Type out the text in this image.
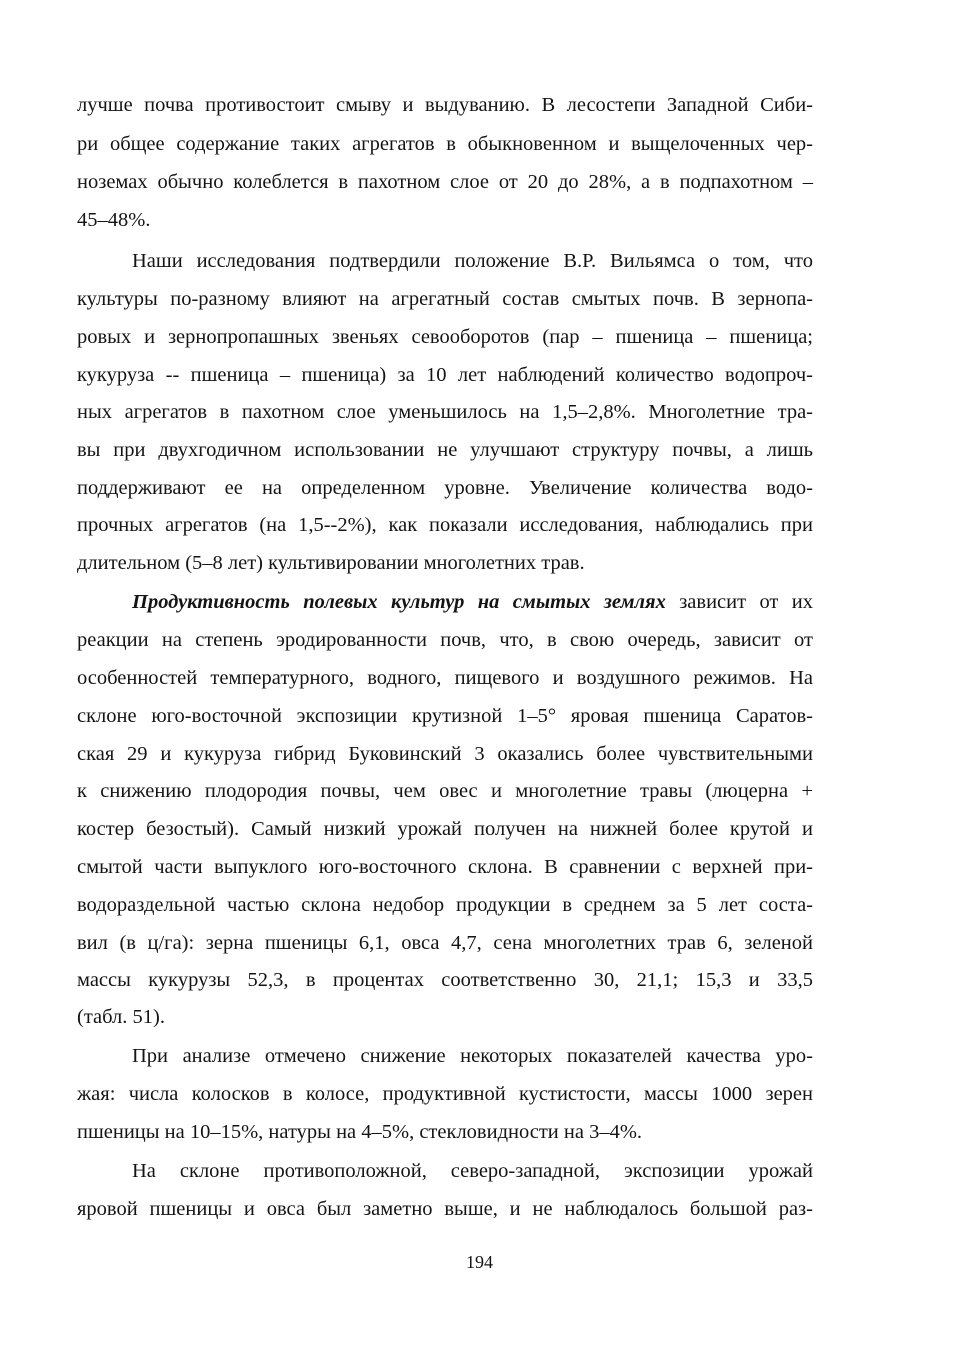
лучше почва противостоит смыву и выдуванию. В лесостепи Западной Сиби-

ри общее содержание таких агрегатов в обыкновенном и выщелоченных чер-

ноземах обычно колеблется в пахотном слое от 20 до 28%, а в подпахотном –

45–48%.

Наши исследования подтвердили положение В.Р. Вильямса о том, что

культуры по-разному влияют на агрегатный состав смытых почв. В зернопа-

ровых и зернопропашных звеньях севооборотов (пар – пшеница – пшеница;

кукуруза -- пшеница – пшеница) за 10 лет наблюдений количество водопроч-

ных агрегатов в пахотном слое уменьшилось на 1,5–2,8%. Многолетние тра-

вы при двухгодичном использовании не улучшают структуру почвы, а лишь

поддерживают ее на определенном уровне. Увеличение количества водо-

прочных агрегатов (на 1,5--2%), как показали исследования, наблюдались при

длительном (5–8 лет) культивировании многолетних трав.

Продуктивность полевых культур на смытых землях зависит от их

реакции на степень эродированности почв, что, в свою очередь, зависит от

особенностей температурного, водного, пищевого и воздушного режимов. На

склоне юго-восточной экспозиции крутизной 1–5° яровая пшеница Саратов-

ская 29 и кукуруза гибрид Буковинский 3 оказались более чувствительными

к снижению плодородия почвы, чем овес и многолетние травы (люцерна +

костер безостый). Самый низкий урожай получен на нижней более крутой и

смытой части выпуклого юго-восточного склона. В сравнении с верхней при-

водораздельной частью склона недобор продукции в среднем за 5 лет соста-

вил (в ц/га): зерна пшеницы 6,1, овса 4,7, сена многолетних трав 6, зеленой

массы кукурузы 52,3, в процентах соответственно 30, 21,1; 15,3 и 33,5

(табл. 51).

При анализе отмечено снижение некоторых показателей качества уро-

жая: числа колосков в колосе, продуктивной кустистости, массы 1000 зерен

пшеницы на 10–15%, натуры на 4–5%, стекловидности на 3–4%.

На склоне противоположной, северо-западной, экспозиции урожай

яровой пшеницы и овса был заметно выше, и не наблюдалось большой раз-

194
